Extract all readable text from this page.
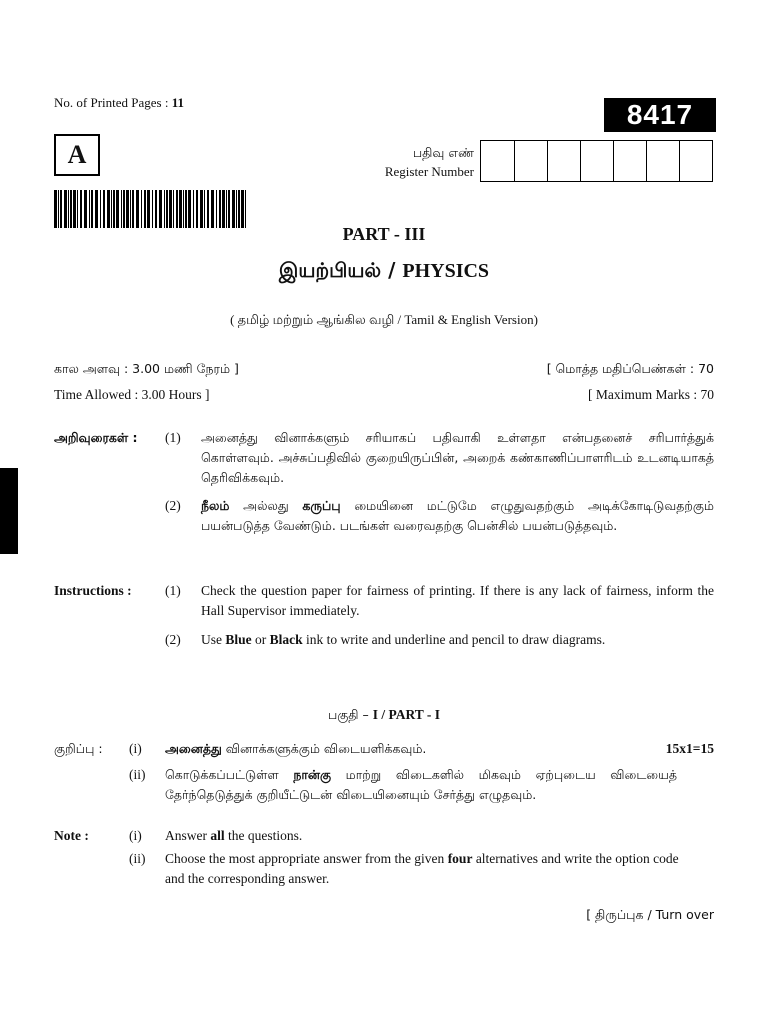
No. of Printed Pages : 11	8417
A	பதிவு எண்
Register Number
PART - III
இயற்பியல் / PHYSICS
( தமிழ் மற்றும் ஆங்கில வழி / Tamil & English Version)
கால அளவு : 3.00 மணி நேரம் ]	[ மொத்த மதிப்பெண்கள் : 70
Time Allowed : 3.00 Hours ]	[ Maximum Marks : 70
அறிவுரைகள் : (1) அனைத்து வினாக்களும் சரியாகப் பதிவாகி உள்ளதா என்பதனைச் சரிபார்த்துக் கொள்ளவும். அச்சுப்பதிவில் குறையிருப்பின், அறைக் கண்காணிப்பாளரிடம் உடனடியாகத் தெரிவிக்கவும்.
(2) நீலம் அல்லது கருப்பு மையினை மட்டுமே எழுதுவதற்கும் அடிக்கோடிடுவதற்கும் பயன்படுத்த வேண்டும். படங்கள் வரைவதற்கு பென்சில் பயன்படுத்தவும்.
Instructions : (1) Check the question paper for fairness of printing. If there is any lack of fairness, inform the Hall Supervisor immediately.
(2) Use Blue or Black ink to write and underline and pencil to draw diagrams.
பகுதி – I / PART - I
குறிப்பு : (i) அனைத்து வினாக்களுக்கும் விடையளிக்கவும்.	15x1=15
(ii) கொடுக்கப்பட்டுள்ள நான்கு மாற்று விடைகளில் மிகவும் ஏற்புடைய விடையைத் தேர்ந்தெடுத்துக் குறியீட்டுடன் விடையினையும் சேர்த்து எழுதவும்.
Note :	(i) Answer all the questions.
(ii) Choose the most appropriate answer from the given four alternatives and write the option code and the corresponding answer.
[ திருப்புக / Turn over
